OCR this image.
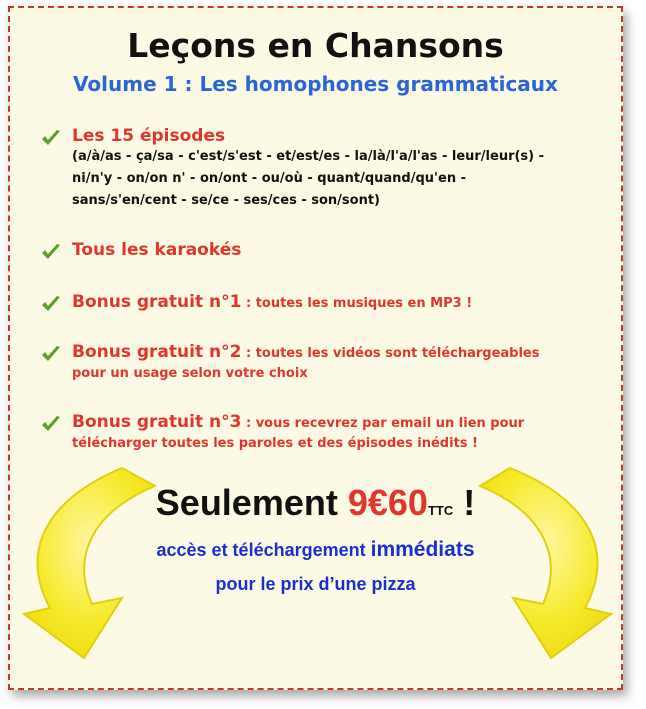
Leçons en Chansons
Volume 1 : Les homophones grammaticaux
Les 15 épisodes
(a/à/as - ça/sa - c'est/s'est - et/est/es - la/là/l'a/l'as - leur/leur(s) -
ni/n'y - on/on n' - on/ont - ou/où - quant/quand/qu'en -
sans/s'en/cent - se/ce - ses/ces - son/sont)
Tous les karaokés
Bonus gratuit n°1 : toutes les musiques en MP3 !
Bonus gratuit n°2 : toutes les vidéos sont téléchargeables
pour un usage selon votre choix
Bonus gratuit n°3 : vous recevrez par email un lien pour
télécharger toutes les paroles et des épisodes inédits !
Seulement 9€60TTC !
accès et téléchargement immédiats
pour le prix d’une pizza
